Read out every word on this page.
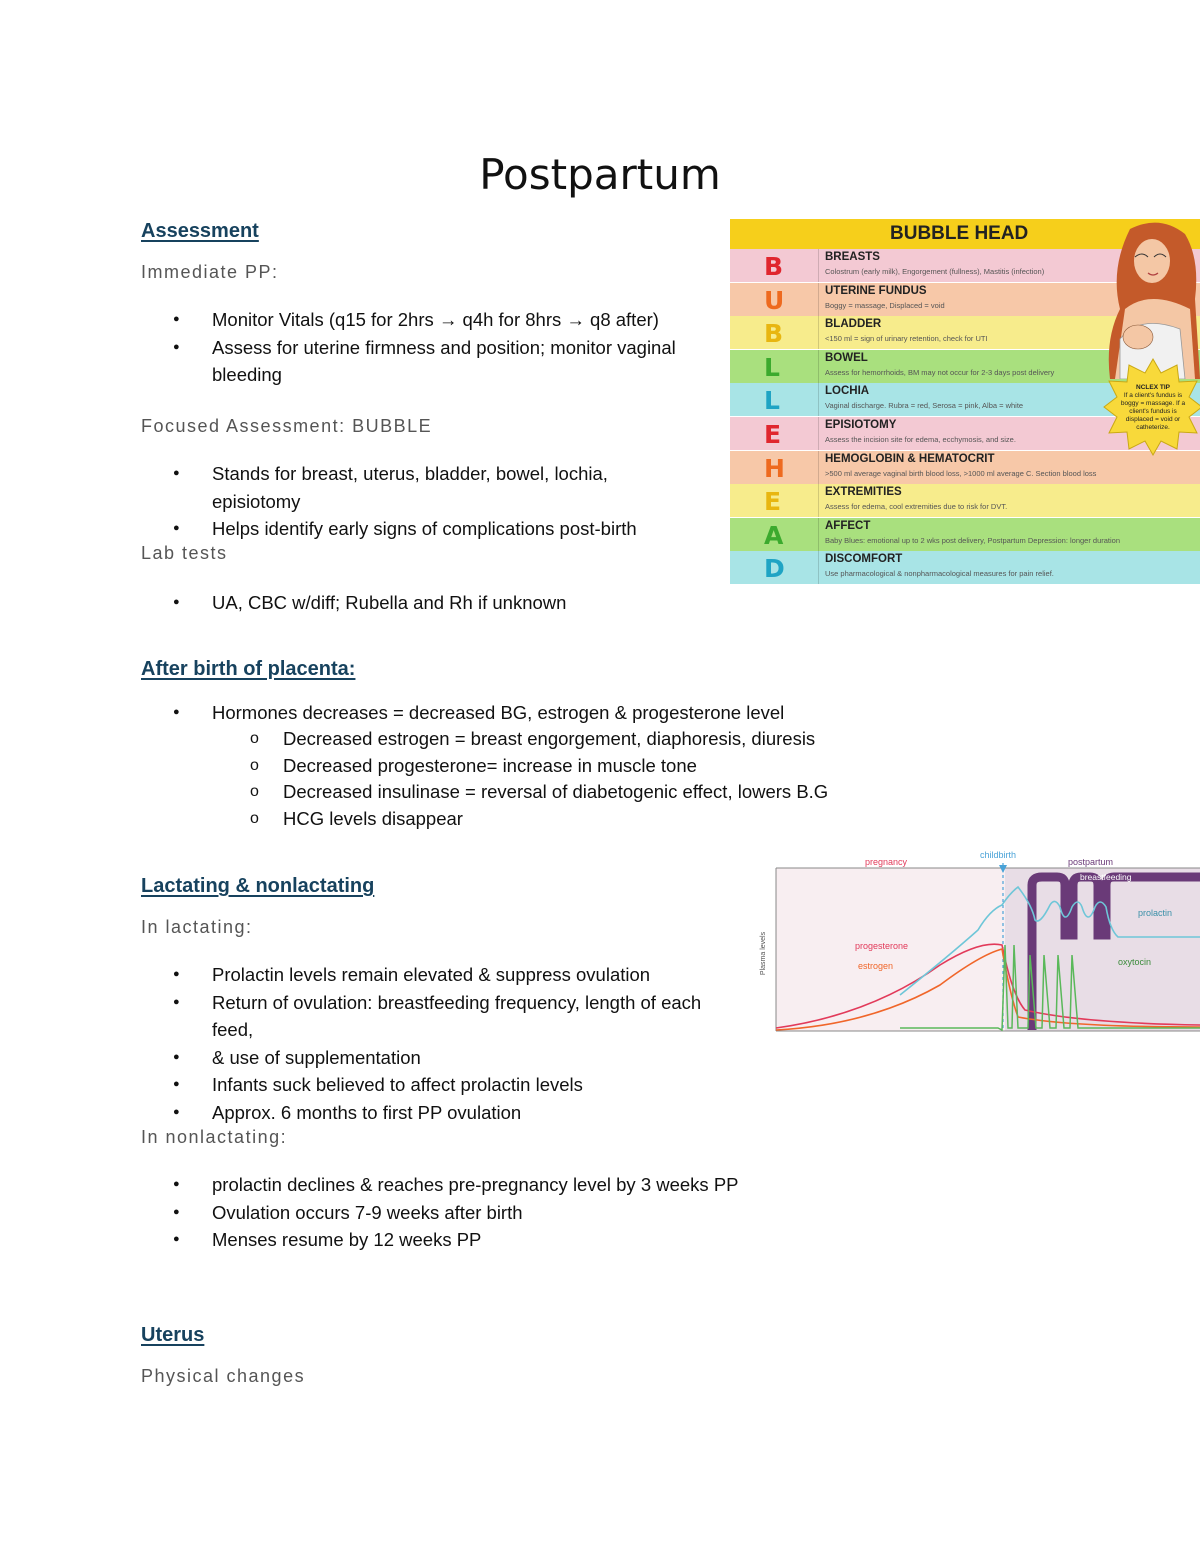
Postpartum
Assessment

Immediate PP:

● Monitor Vitals (q15 for 2hrs → q4h for 8hrs → q8 after)
● Assess for uterine firmness and position; monitor vaginal bleeding

Focused Assessment: BUBBLE

● Stands for breast, uterus, bladder, bowel, lochia, episiotomy
● Helps identify early signs of complications post-birth

Lab tests

● UA, CBC w/diff; Rubella and Rh if unknown
BUBBLE HEAD
B	BREASTS
Colostrum (early milk), Engorgement (fullness), Mastitis (infection)
U	UTERINE FUNDUS
Boggy = massage, Displaced = void
B	BLADDER
<150 ml = sign of urinary retention, check for UTI
L	BOWEL
Assess for hemorrhoids, BM may not occur for 2-3 days post delivery
L	LOCHIA
Vaginal discharge. Rubra = red, Serosa = pink, Alba = white
E	EPISIOTOMY
Assess the incision site for edema, ecchymosis, and size.
H	HEMOGLOBIN & HEMATOCRIT
>500 ml average vaginal birth blood loss, >1000 ml average C. Section blood loss
E	EXTREMITIES
Assess for edema, cool extremities due to risk for DVT.
A	AFFECT
Baby Blues: emotional up to 2 wks post delivery, Postpartum Depression: longer duration
D	DISCOMFORT
Use pharmacological & nonpharmacological measures for pain relief.
NCLEX TIP
If a client's fundus is boggy = massage. If a client's fundus is displaced = void or catheterize.
After birth of placenta:
● Hormones decreases = decreased BG, estrogen & progesterone level
o Decreased estrogen = breast engorgement, diaphoresis, diuresis
o Decreased progesterone= increase in muscle tone
o Decreased insulinase = reversal of diabetogenic effect, lowers B.G
o HCG levels disappear
Lactating & nonlactating

In lactating:

● Prolactin levels remain elevated & suppress ovulation
● Return of ovulation: breastfeeding frequency, length of each feed,
● & use of supplementation
● Infants suck believed to affect prolactin levels
● Approx. 6 months to first PP ovulation

In nonlactating:

● prolactin declines & reaches pre-pregnancy level by 3 weeks PP
● Ovulation occurs 7-9 weeks after birth
● Menses resume by 12 weeks PP
pregnancy
childbirth
postpartum
breastfeeding
prolactin
progesterone
estrogen	oxytocin
Plasma levels
Uterus

Physical changes
